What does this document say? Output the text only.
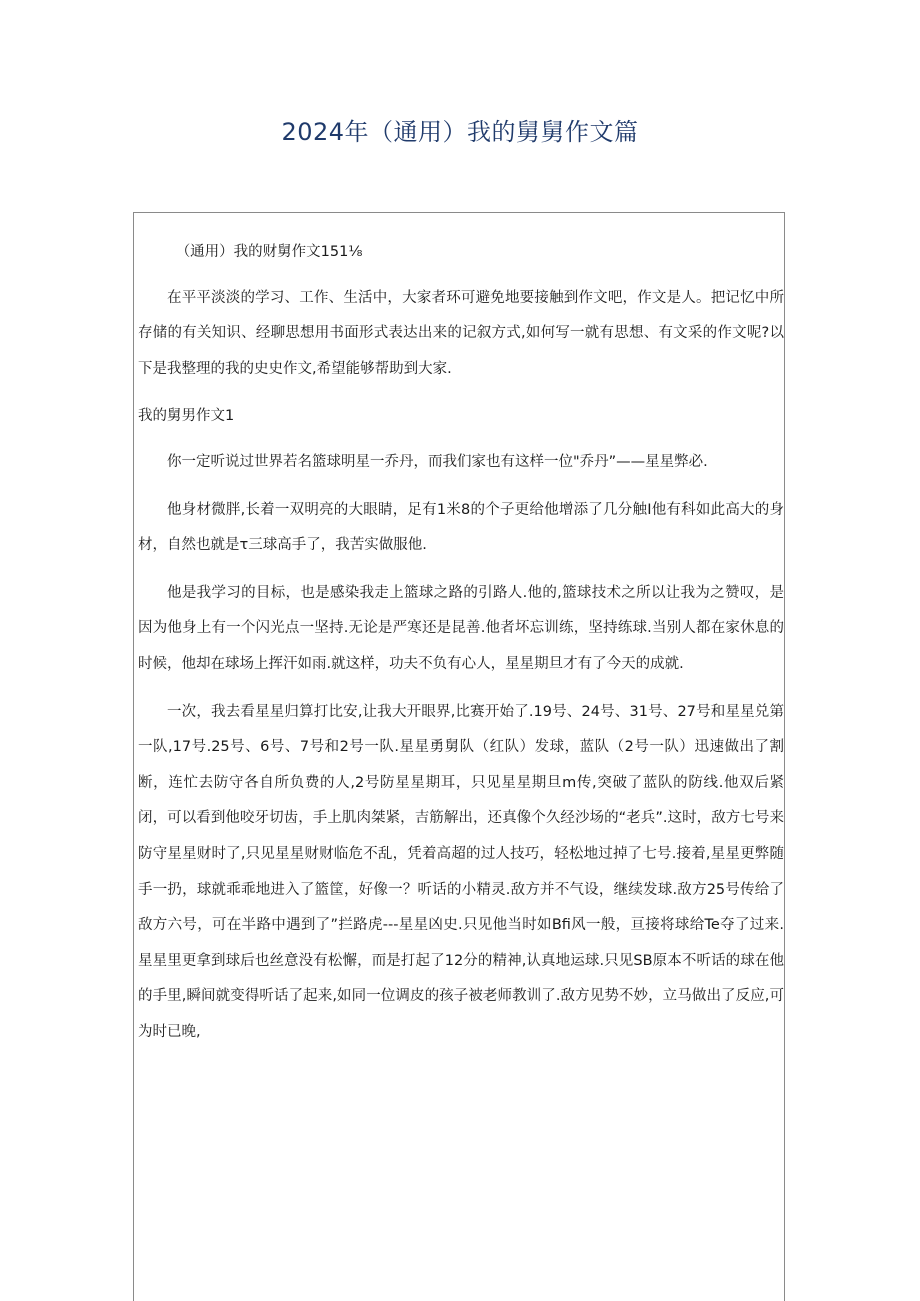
2024年（通用）我的舅舅作文篇

（通用）我的财舅作文151⅛

在平平淡淡的学习、工作、生活中，大家者环可避免地要接触到作文吧，作文是人。把记忆中所存储的有关知识、经聊思想用书面形式表达出来的记叙方式,如何写一就有思想、有文采的作文呢?以下是我整理的我的史史作文,希望能够帮助到大家.

我的舅男作文1

你一定听说过世界若名篮球明星一乔丹，而我们家也有这样一位"乔丹”——星星弊必.

他身材微胖,长着一双明亮的大眼睛，足有1米8的个子更给他增添了几分触I他有科如此高大的身材，自然也就是τ三球高手了，我苦实做服他.

他是我学习的目标，也是感染我走上篮球之路的引路人.他的,篮球技术之所以让我为之赞叹，是因为他身上有一个闪光点一坚持.无论是严寒还是昆善.他者坏忘训练，坚持练球.当别人都在家休息的时候，他却在球场上挥汗如雨.就这样，功夫不负有心人，星星期旦才有了今天的成就.

一次，我去看星星归算打比安,让我大开眼界,比赛开始了.19号、24号、31号、27号和星星兑第一队,17号.25号、6号、7号和2号一队.星星勇舅队（红队）发球，蓝队（2号一队）迅速做出了割断，连忙去防守各自所负费的人,2号防星星期耳，只见星星期旦m传,突破了蓝队的防线.他双后紧闭，可以看到他咬牙切齿，手上肌肉桀紧，吉筋解出，还真像个久经沙场的“老兵”.这时，敌方七号来防守星星财时了,只见星星财财临危不乱，凭着高超的过人技巧，轻松地过掉了七号.接着,星星更弊随手一扔，球就乖乖地进入了篮筐，好像一？听话的小精灵.敌方并不气设，继续发球.敌方25号传给了敌方六号，可在半路中遇到了”拦路虎---星星凶史.只见他当时如Bfi风一般，亘接将球给Te夺了过来.星星里更拿到球后也丝意没有松懈，而是打起了12分的精神,认真地运球.只见SB原本不听话的球在他的手里,瞬间就变得听话了起来,如同一位调皮的孩子被老师教训了.敌方见势不妙，立马做出了反应,可为时已晚,
